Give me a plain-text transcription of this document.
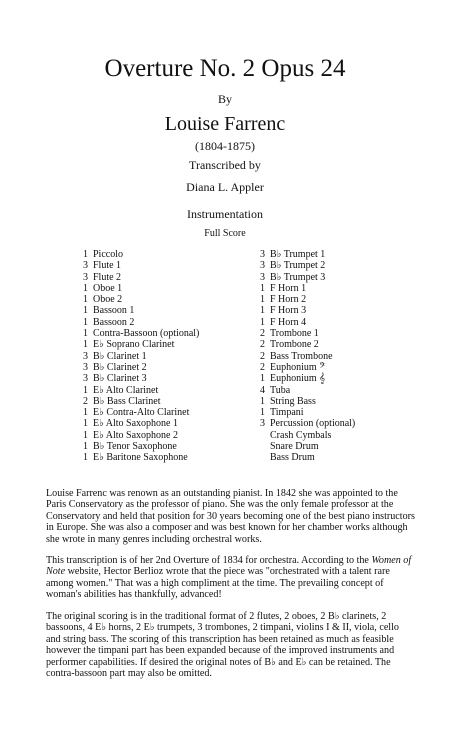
Overture No. 2 Opus 24
By
Louise Farrenc
(1804-1875)
Transcribed by
Diana L. Appler
Instrumentation
Full Score
1 Piccolo
3 Flute 1
3 Flute 2
1 Oboe 1
1 Oboe 2
1 Bassoon 1
1 Bassoon 2
1 Contra-Bassoon (optional)
1 E♭ Soprano Clarinet
3 B♭ Clarinet 1
3 B♭ Clarinet 2
3 B♭ Clarinet 3
1 E♭ Alto Clarinet
2 B♭ Bass Clarinet
1 E♭ Contra-Alto Clarinet
1 E♭ Alto Saxophone 1
1 E♭ Alto Saxophone 2
1 B♭ Tenor Saxophone
1 E♭ Baritone Saxophone
3 B♭ Trumpet 1
3 B♭ Trumpet 2
3 B♭ Trumpet 3
1 F Horn 1
1 F Horn 2
1 F Horn 3
1 F Horn 4
2 Trombone 1
2 Trombone 2
2 Bass Trombone
2 Euphonium 𝄢
1 Euphonium 𝄞
4 Tuba
1 String Bass
1 Timpani
3 Percussion (optional)
Crash Cymbals
Snare Drum
Bass Drum

Louise Farrenc was renown as an outstanding pianist. In 1842 she was appointed to the Paris Conservatory as the professor of piano. She was the only female professor at the Conservatory and held that position for 30 years becoming one of the best piano instructors in Europe. She was also a composer and was best known for her chamber works although she wrote in many genres including orchestral works.

This transcription is of her 2nd Overture of 1834 for orchestra. According to the Women of Note website, Hector Berlioz wrote that the piece was "orchestrated with a talent rare among women." That was a high compliment at the time. The prevailing concept of woman's abilities has thankfully, advanced!

The original scoring is in the traditional format of 2 flutes, 2 oboes, 2 B♭ clarinets, 2 bassoons, 4 E♭ horns, 2 E♭ trumpets, 3 trombones, 2 timpani, violins I & II, viola, cello and string bass. The scoring of this transcription has been retained as much as feasible however the timpani part has been expanded because of the improved instruments and performer capabilities. If desired the original notes of B♭ and E♭ can be retained. The contra-bassoon part may also be omitted.
